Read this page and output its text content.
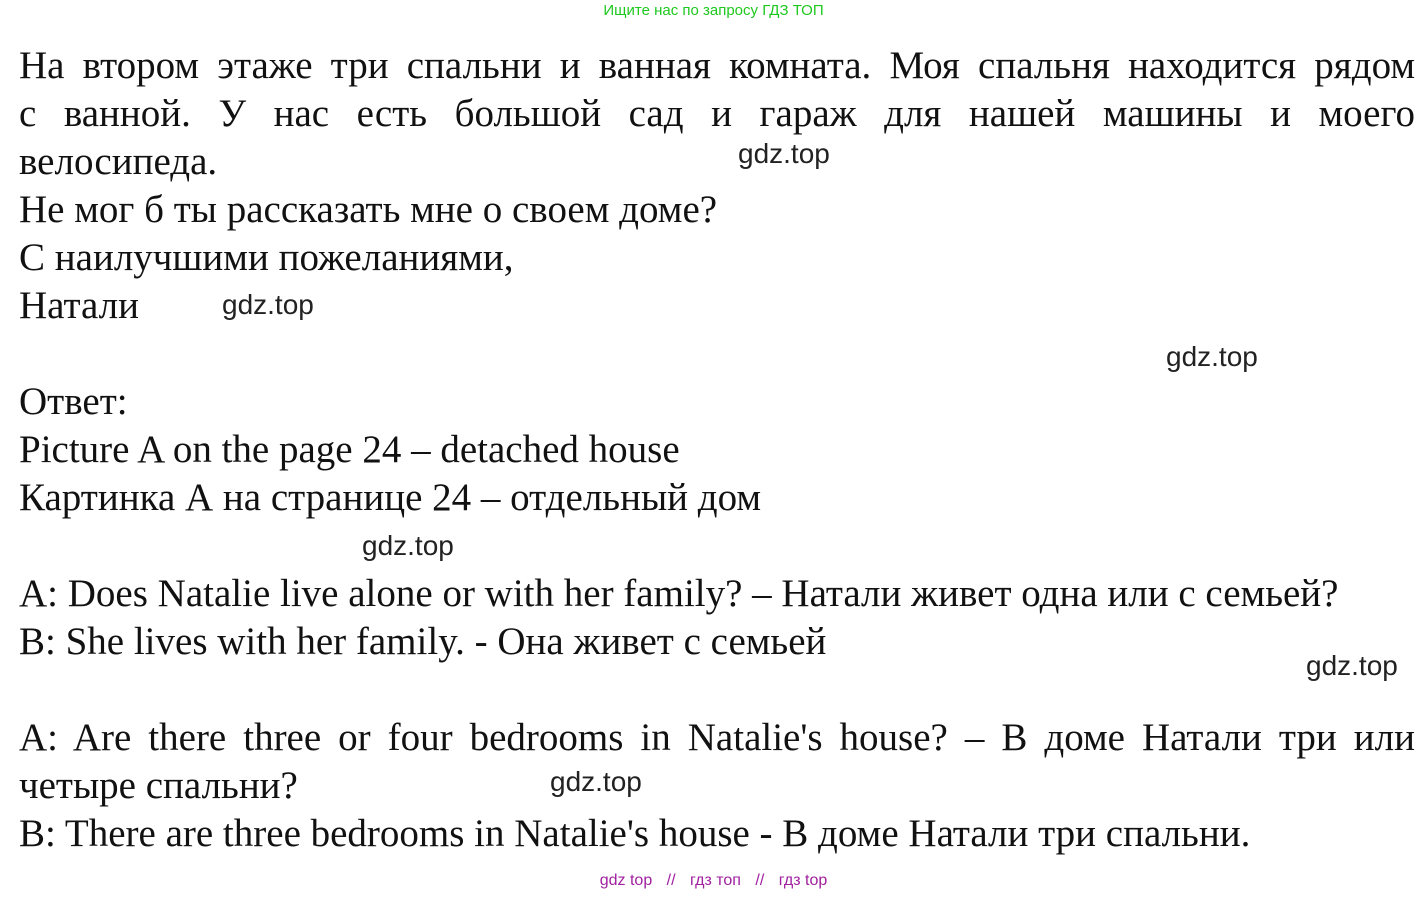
Ищите нас по запросу ГДЗ ТОП
На втором этаже три спальни и ванная комната. Моя спальня находится рядом
с ванной. У нас есть большой сад и гараж для нашей машины и моего
велосипеда.
Не мог б ты рассказать мне о своем доме?
С наилучшими пожеланиями,
Натали
Ответ:
Picture A on the page 24 – detached house
Картинка А на странице 24 – отдельный дом
A: Does Natalie live alone or with her family? – Натали живет одна или с семьей?
B: She lives with her family. - Она живет с семьей
A: Are there three or four bedrooms in Natalie's house? – В доме Натали три или
четыре спальни?
B: There are three bedrooms in Natalie's house - В доме Натали три спальни.
gdz.top
gdz.top
gdz.top
gdz.top
gdz.top
gdz.top
gdz top // гдз топ // гдз top
